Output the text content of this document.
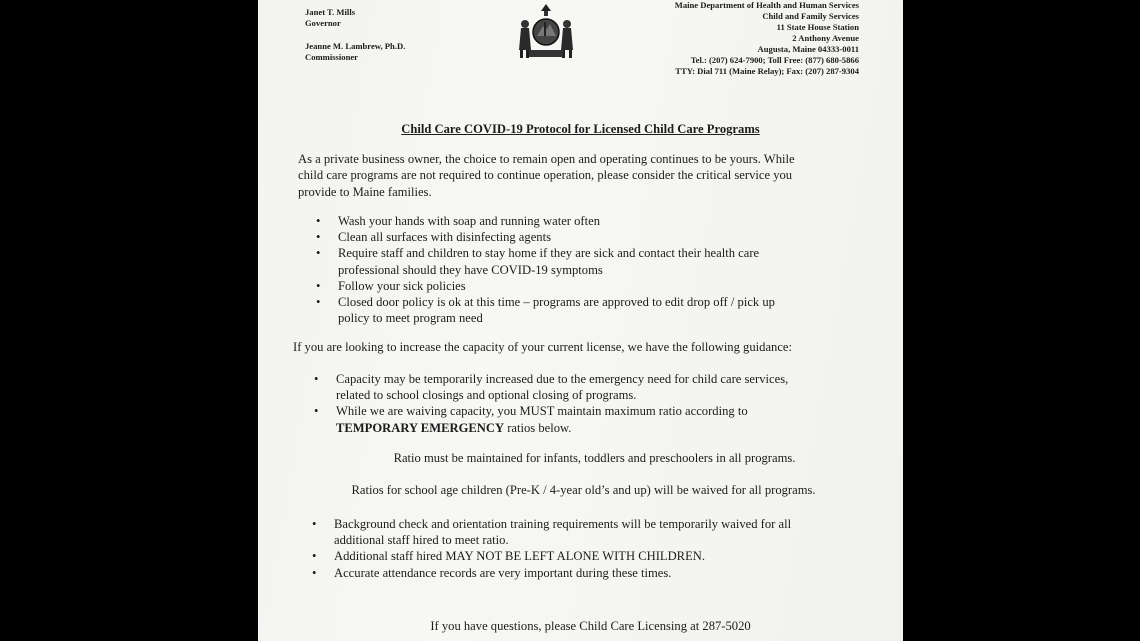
Janet T. Mills
Governor
Jeanne M. Lambrew, Ph.D.
Commissioner
Maine Department of Health and Human Services
Child and Family Services
11 State House Station
2 Anthony Avenue
Augusta, Maine 04333-0011
Tel.: (207) 624-7900; Toll Free: (877) 680-5866
TTY: Dial 711 (Maine Relay); Fax: (207) 287-9304
Child Care COVID-19 Protocol for Licensed Child Care Programs
As a private business owner, the choice to remain open and operating continues to be yours. While
child care programs are not required to continue operation, please consider the critical service you
provide to Maine families.
• Wash your hands with soap and running water often
• Clean all surfaces with disinfecting agents
• Require staff and children to stay home if they are sick and contact their health care
professional should they have COVID-19 symptoms
• Follow your sick policies
• Closed door policy is ok at this time – programs are approved to edit drop off / pick up
policy to meet program need
If you are looking to increase the capacity of your current license, we have the following guidance:
• Capacity may be temporarily increased due to the emergency need for child care services,
related to school closings and optional closing of programs.
• While we are waiving capacity, you MUST maintain maximum ratio according to
TEMPORARY EMERGENCY ratios below.
Ratio must be maintained for infants, toddlers and preschoolers in all programs.
Ratios for school age children (Pre-K / 4-year old’s and up) will be waived for all programs.
• Background check and orientation training requirements will be temporarily waived for all
additional staff hired to meet ratio.
• Additional staff hired MAY NOT BE LEFT ALONE WITH CHILDREN.
• Accurate attendance records are very important during these times.
If you have questions, please Child Care Licensing at 287-5020
